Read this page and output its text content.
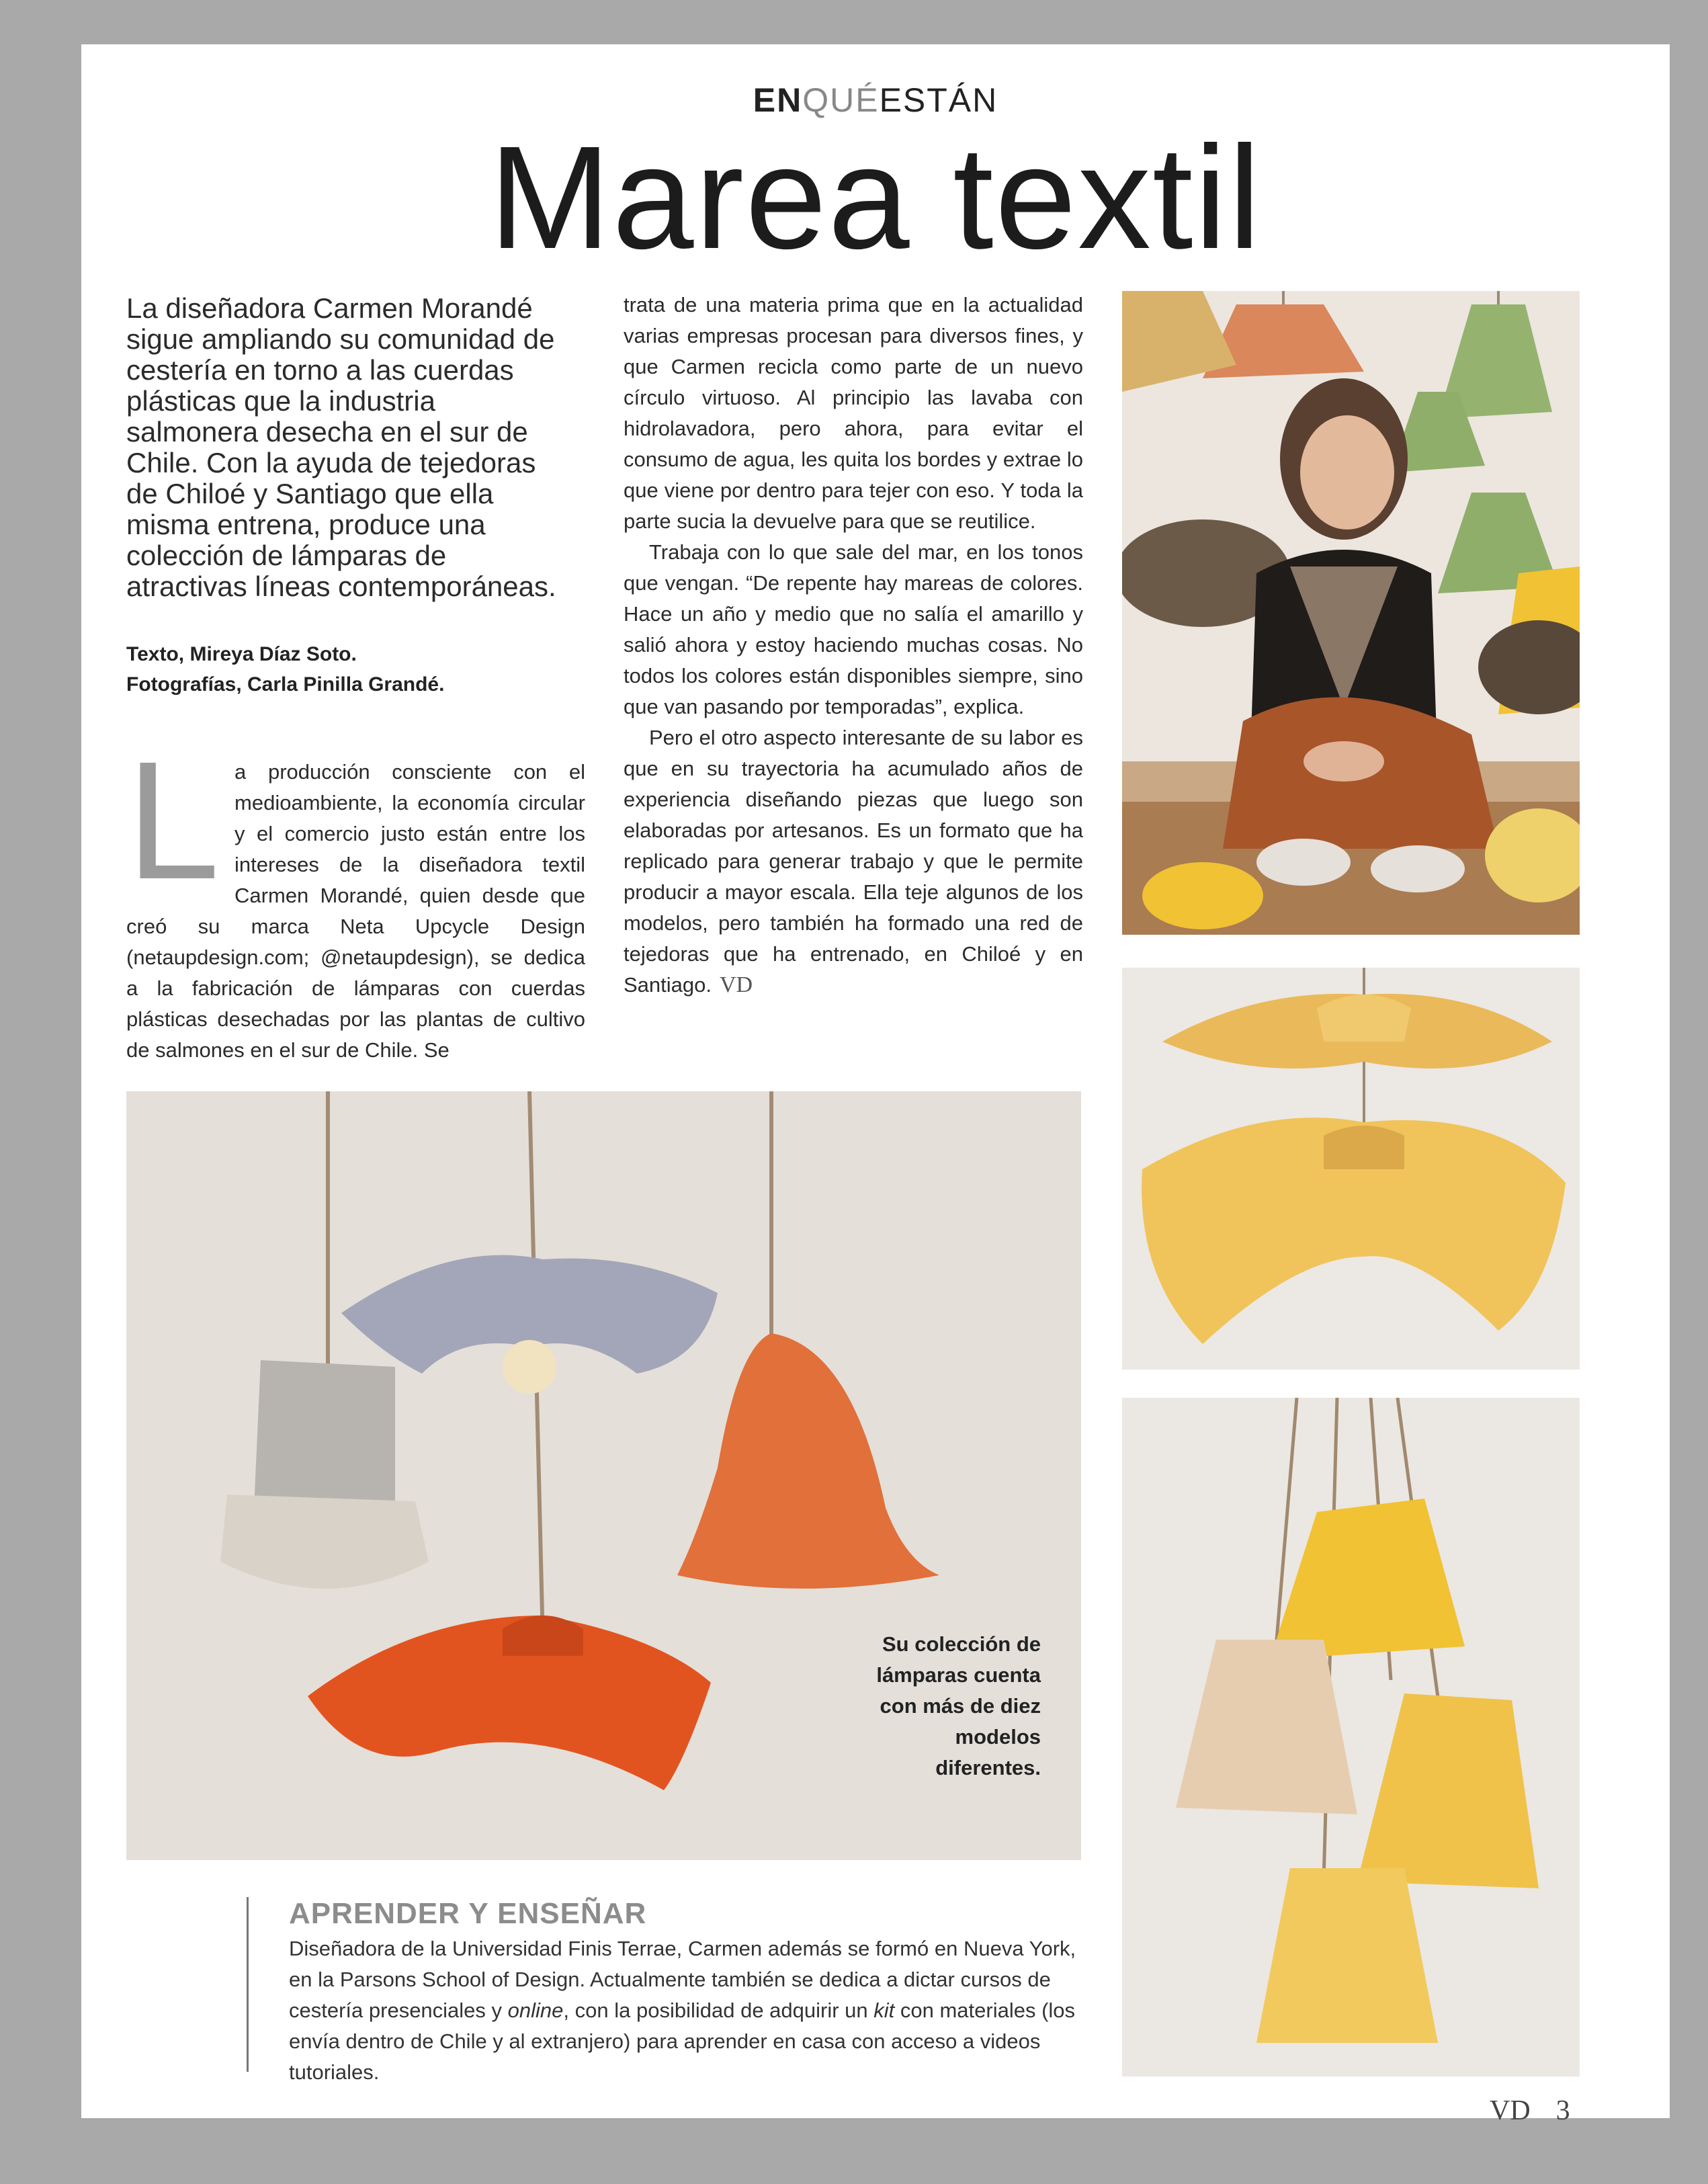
ENQUÉESTÁN
Marea textil
La diseñadora Carmen Morandé sigue ampliando su comunidad de cestería en torno a las cuerdas plásticas que la industria salmonera desecha en el sur de Chile. Con la ayuda de tejedoras de Chiloé y Santiago que ella misma entrena, produce una colección de lámparas de atractivas líneas contemporáneas.
Texto, Mireya Díaz Soto.
Fotografías, Carla Pinilla Grandé.
L a producción consciente con el medioambiente, la economía circular y el comercio justo están entre los intereses de la diseñadora textil Carmen Morandé, quien desde que creó su marca Neta Upcycle Design (netaupdesign.com; @netaupdesign), se dedica a la fabricación de lámparas con cuerdas plásticas desechadas por las plantas de cultivo de salmones en el sur de Chile. Se

trata de una materia prima que en la actualidad varias empresas procesan para diversos fines, y que Carmen recicla como parte de un nuevo círculo virtuoso. Al principio las lavaba con hidrolavadora, pero ahora, para evitar el consumo de agua, les quita los bordes y extrae lo que viene por dentro para tejer con eso. Y toda la parte sucia la devuelve para que se reutilice.

Trabaja con lo que sale del mar, en los tonos que vengan. “De repente hay mareas de colores. Hace un año y medio que no salía el amarillo y salió ahora y estoy haciendo muchas cosas. No todos los colores están disponibles siempre, sino que van pasando por temporadas”, explica.

Pero el otro aspecto interesante de su labor es que en su trayectoria ha acumulado años de experiencia diseñando piezas que luego son elaboradas por artesanos. Es un formato que ha replicado para generar trabajo y que le permite producir a mayor escala. Ella teje algunos de los modelos, pero también ha formado una red de tejedoras que ha entrenado, en Chiloé y en Santiago. VD

Su colección de lámparas cuenta con más de diez modelos diferentes.
APRENDER Y ENSEÑAR

Diseñadora de la Universidad Finis Terrae, Carmen además se formó en Nueva York, en la Parsons School of Design. Actualmente también se dedica a dictar cursos de cestería presenciales y online, con la posibilidad de adquirir un kit con materiales (los envía dentro de Chile y al extranjero) para aprender en casa con acceso a videos tutoriales.

VD 3
